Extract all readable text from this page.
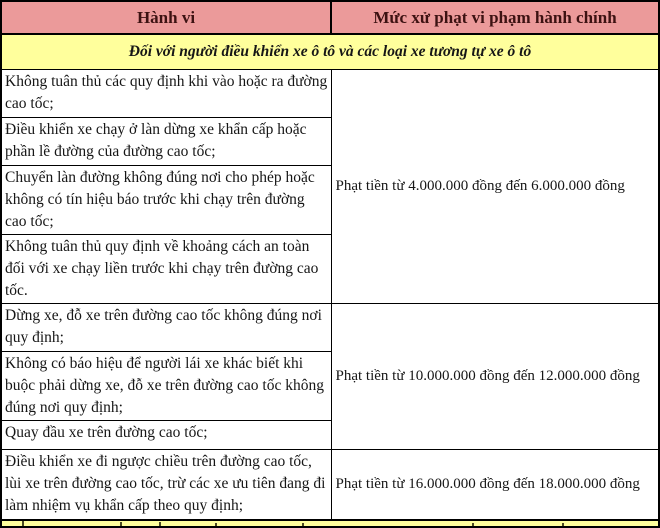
Hành vi	Mức xử phạt vi phạm hành chính
Đối với người điều khiển xe ô tô và các loại xe tương tự xe ô tô	
Không tuân thủ các quy định khi vào hoặc ra đường cao tốc;	Phạt tiền từ 4.000.000 đồng đến 6.000.000 đồng
Điều khiển xe chạy ở làn dừng xe khẩn cấp hoặc phần lề đường của đường cao tốc;	
Chuyển làn đường không đúng nơi cho phép hoặc không có tín hiệu báo trước khi chạy trên đường cao tốc;	
Không tuân thủ quy định về khoảng cách an toàn đối với xe chạy liền trước khi chạy trên đường cao tốc.	
Dừng xe, đỗ xe trên đường cao tốc không đúng nơi quy định;	Phạt tiền từ 10.000.000 đồng đến 12.000.000 đồng
Không có báo hiệu để người lái xe khác biết khi buộc phải dừng xe, đỗ xe trên đường cao tốc không đúng nơi quy định;	
Quay đầu xe trên đường cao tốc;	
Điều khiển xe đi ngược chiều trên đường cao tốc, lùi xe trên đường cao tốc, trừ các xe ưu tiên đang đi làm nhiệm vụ khẩn cấp theo quy định;	Phạt tiền từ 16.000.000 đồng đến 18.000.000 đồng
